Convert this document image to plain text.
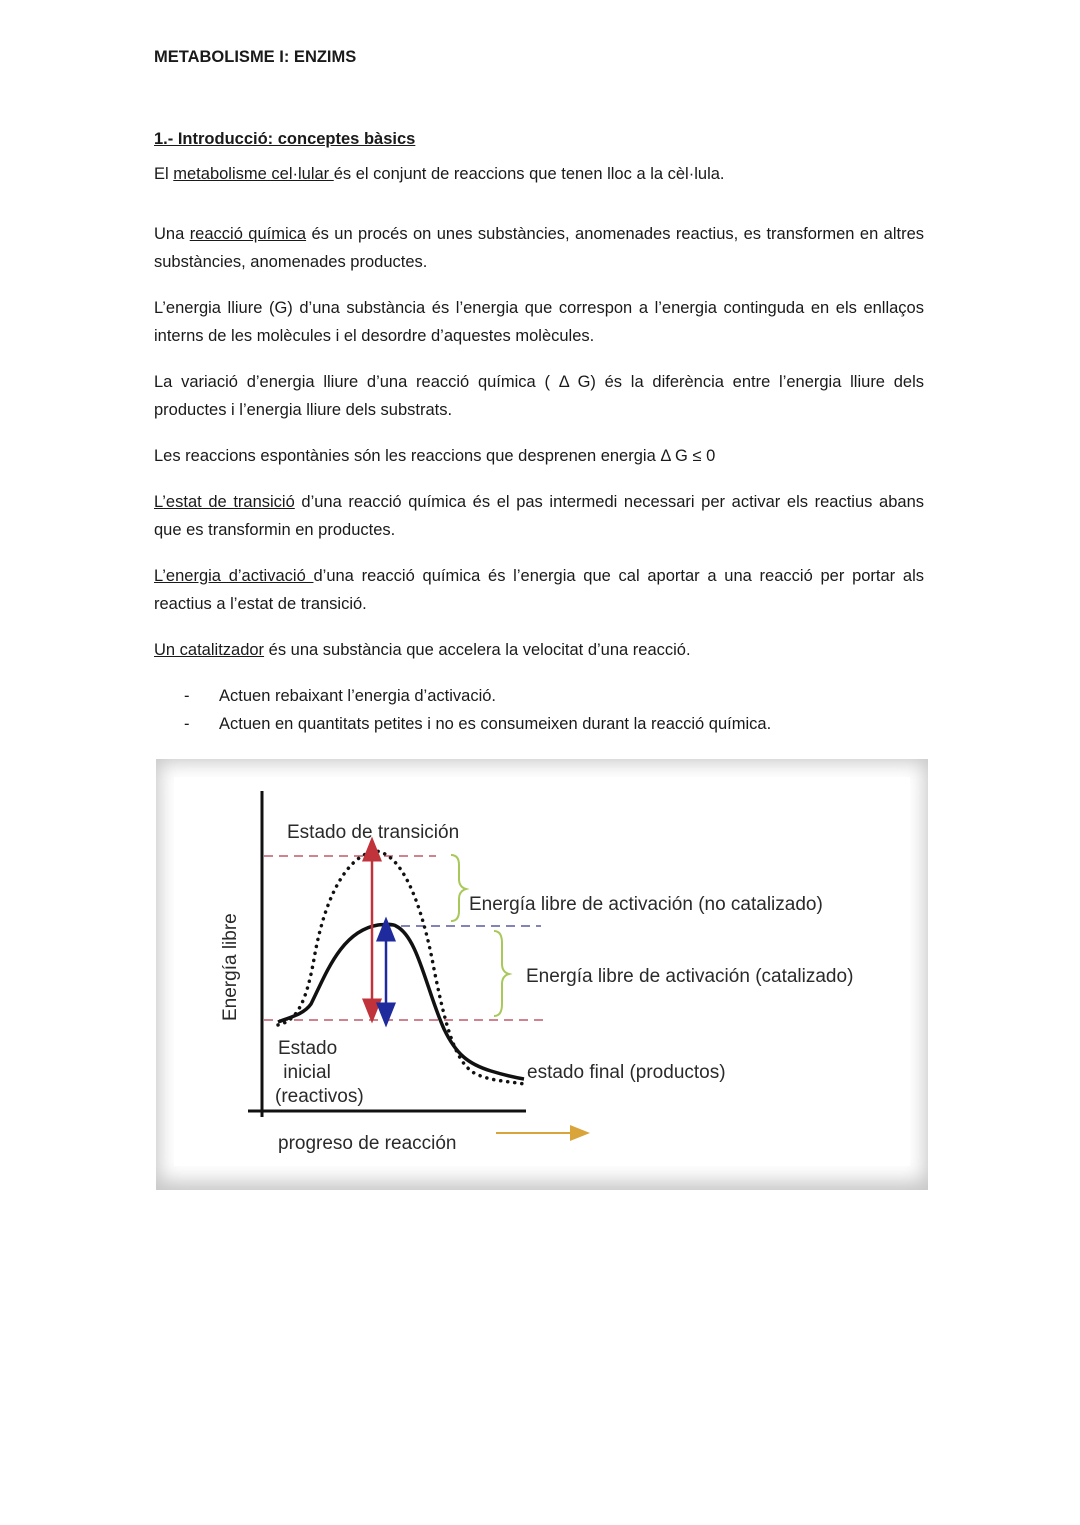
METABOLISME I: ENZIMS
1.- Introducció: conceptes bàsics

El metabolisme cel·lular és el conjunt de reaccions que tenen lloc a la cèl·lula.

Una reacció química és un procés on unes substàncies, anomenades reactius, es transformen en altres substàncies, anomenades productes.

L’energia lliure (G) d’una substància és l’energia que correspon a l’energia continguda en els enllaços interns de les molècules i el desordre d’aquestes molècules.

La variació d’energia lliure d’una reacció química ( Δ G) és la diferència entre l’energia lliure dels productes i l’energia lliure dels substrats.

Les reaccions espontànies són les reaccions que desprenen energia Δ G ≤ 0

L’estat de transició d’una reacció química és el pas intermedi necessari per activar els reactius abans que es transformin en productes.

L’energia d’activació d’una reacció química és l’energia que cal aportar a una reacció per portar als reactius a l’estat de transició.

Un catalitzador és una substància que accelera la velocitat d’una reacció.

- Actuen rebaixant l’energia d’activació.
- Actuen en quantitats petites i no es consumeixen durant la reacció química.
Estado de transición
Energía libre de activación (no catalizado)
Energía libre de activación (catalizado)
Energía libre
Estado
inicial
(reactivos)
estado final (productos)
progreso de reacción
